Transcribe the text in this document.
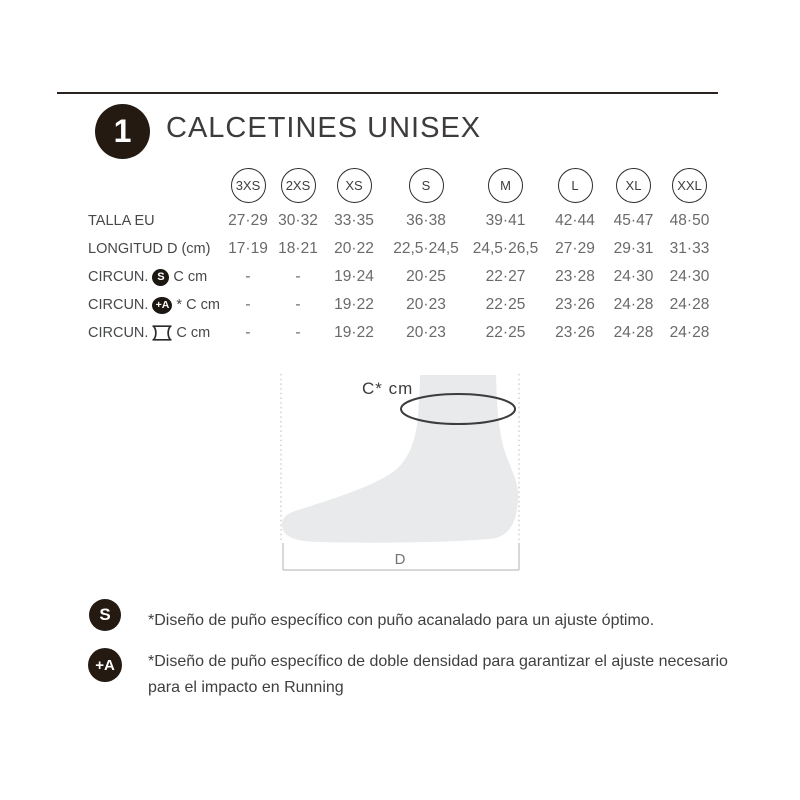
1 CALCETINES UNISEX
	3XS	2XS	XS	S	M	L	XL	XXL

TALLA EU	27·29	30·32	33·35	36·38	39·41	42·44	45·47	48·50

LONGITUD D (cm)	17·19	18·21	20·22	22,5·24,5	24,5·26,5	27·29	29·31	31·33

CIRCUN. S C cm	-	-	19·24	20·25	22·27	23·28	24·30	24·30

CIRCUN. +A * C cm	-	-	19·22	20·23	22·25	23·26	24·28	24·28

CIRCUN. C cm	-	-	19·22	20·23	22·25	23·26	24·28	24·28
C* cm
D
S *Diseño de puño específico con puño acanalado para un ajuste óptimo.
+A *Diseño de puño específico de doble densidad para garantizar el ajuste necesario
para el impacto en Running
